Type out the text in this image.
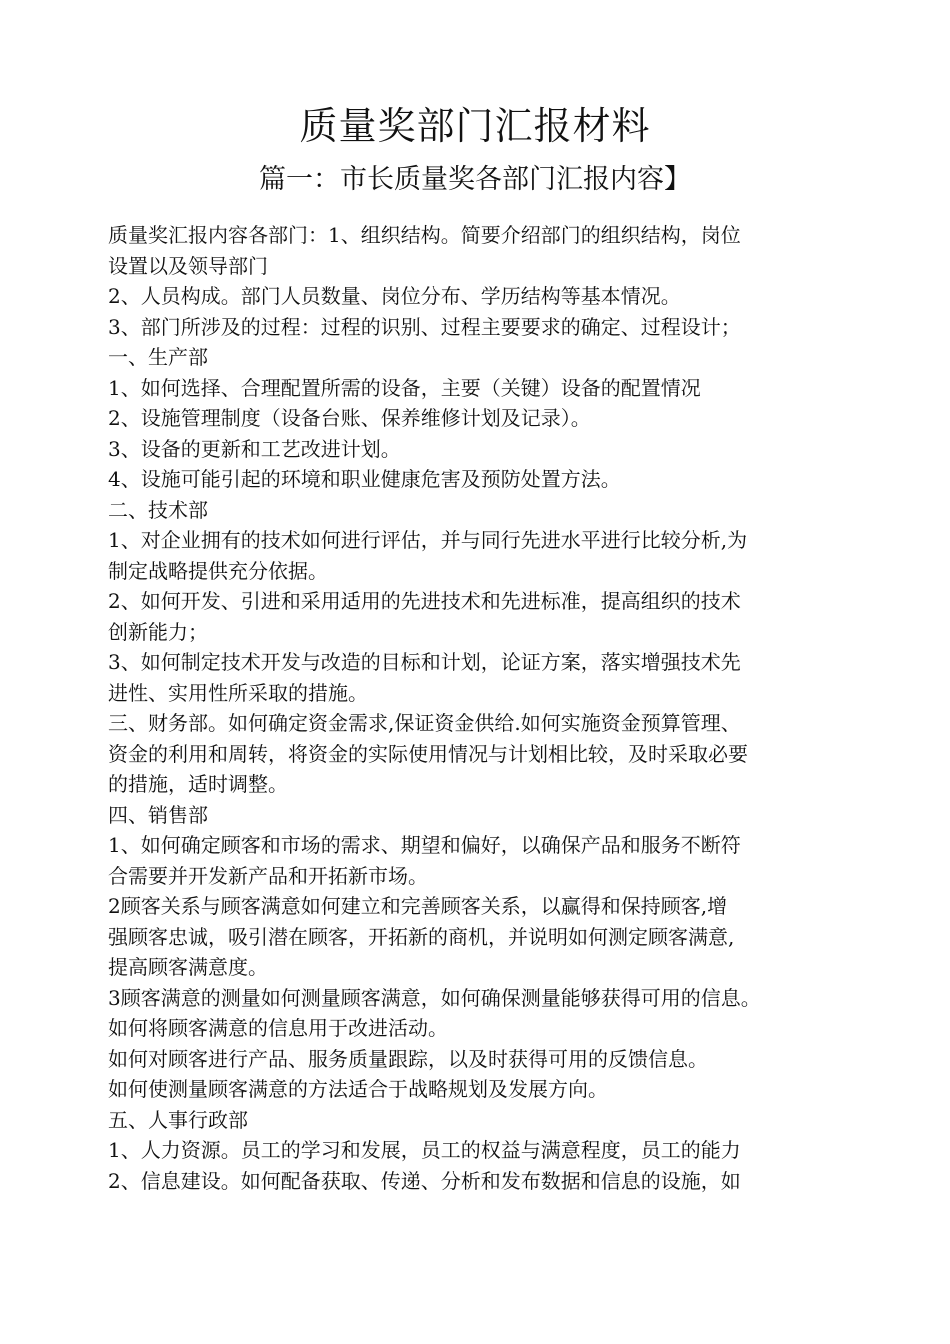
质量奖部门汇报材料
篇一：市长质量奖各部门汇报内容】
质量奖汇报内容各部门：1、组织结构。简要介绍部门的组织结构，岗位
设置以及领导部门
2、人员构成。部门人员数量、岗位分布、学历结构等基本情况。
3、部门所涉及的过程：过程的识别、过程主要要求的确定、过程设计；
一、生产部
1、如何选择、合理配置所需的设备，主要（关键）设备的配置情况
2、设施管理制度（设备台账、保养维修计划及记录）。
3、设备的更新和工艺改进计划。
4、设施可能引起的环境和职业健康危害及预防处置方法。
二、技术部
1、对企业拥有的技术如何进行评估，并与同行先进水平进行比较分析,为
制定战略提供充分依据。
2、如何开发、引进和采用适用的先进技术和先进标准，提高组织的技术
创新能力；
3、如何制定技术开发与改造的目标和计划，论证方案，落实增强技术先
进性、实用性所采取的措施。
三、财务部。如何确定资金需求,保证资金供给.如何实施资金预算管理、
资金的利用和周转，将资金的实际使用情况与计划相比较，及时采取必要
的措施，适时调整。
四、销售部
1、如何确定顾客和市场的需求、期望和偏好，以确保产品和服务不断符
合需要并开发新产品和开拓新市场。
2顾客关系与顾客满意如何建立和完善顾客关系，以赢得和保持顾客,增
强顾客忠诚，吸引潜在顾客，开拓新的商机，并说明如何测定顾客满意,
提高顾客满意度。
3顾客满意的测量如何测量顾客满意，如何确保测量能够获得可用的信息。
如何将顾客满意的信息用于改进活动。
如何对顾客进行产品、服务质量跟踪，以及时获得可用的反馈信息。
如何使测量顾客满意的方法适合于战略规划及发展方向。
五、人事行政部
1、人力资源。员工的学习和发展，员工的权益与满意程度，员工的能力
2、信息建设。如何配备获取、传递、分析和发布数据和信息的设施，如
